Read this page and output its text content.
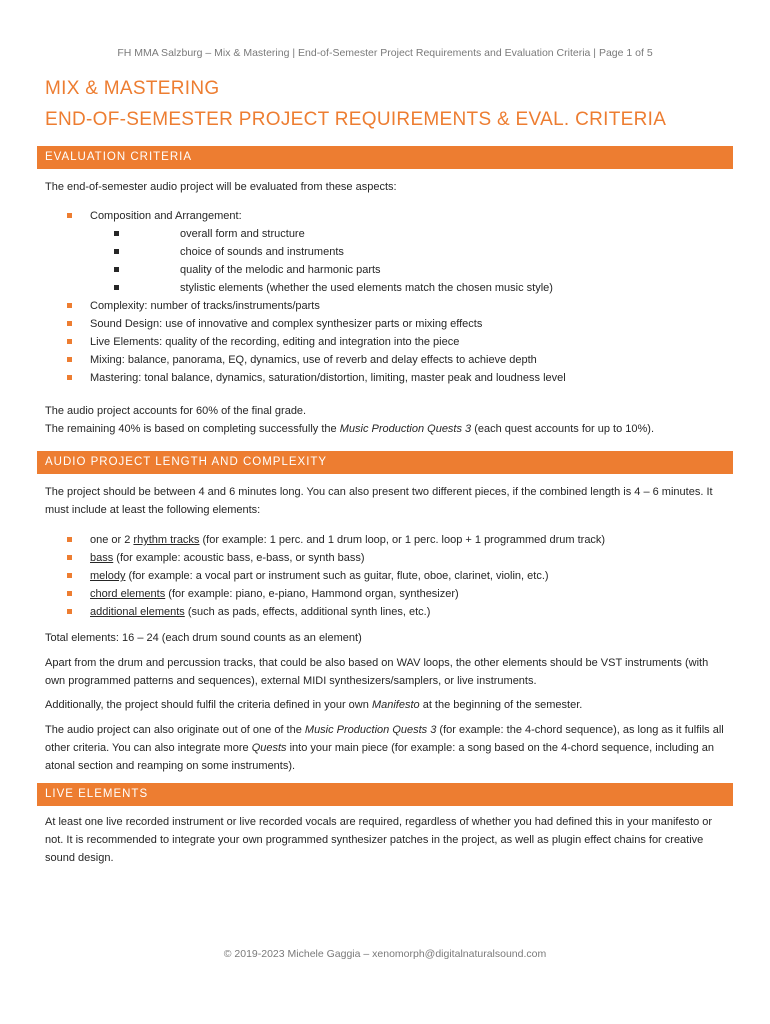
FH MMA Salzburg – Mix & Mastering | End-of-Semester Project Requirements and Evaluation Criteria | Page 1 of 5
MIX & MASTERING
END-OF-SEMESTER PROJECT REQUIREMENTS & EVAL. CRITERIA
EVALUATION CRITERIA

The end-of-semester audio project will be evaluated from these aspects:

Composition and Arrangement:
overall form and structure
choice of sounds and instruments
quality of the melodic and harmonic parts
stylistic elements (whether the used elements match the chosen music style)
Complexity: number of tracks/instruments/parts
Sound Design: use of innovative and complex synthesizer parts or mixing effects
Live Elements: quality of the recording, editing and integration into the piece
Mixing: balance, panorama, EQ, dynamics, use of reverb and delay effects to achieve depth
Mastering: tonal balance, dynamics, saturation/distortion, limiting, master peak and loudness level

The audio project accounts for 60% of the final grade.

The remaining 40% is based on completing successfully the Music Production Quests 3 (each quest accounts for up to 10%).

AUDIO PROJECT LENGTH AND COMPLEXITY

The project should be between 4 and 6 minutes long. You can also present two different pieces, if the combined length is 4 – 6 minutes. It must include at least the following elements:

one or 2 rhythm tracks (for example: 1 perc. and 1 drum loop, or 1 perc. loop + 1 programmed drum track)
bass (for example: acoustic bass, e-bass, or synth bass)
melody (for example: a vocal part or instrument such as guitar, flute, oboe, clarinet, violin, etc.)
chord elements (for example: piano, e-piano, Hammond organ, synthesizer)
additional elements (such as pads, effects, additional synth lines, etc.)

Total elements: 16 – 24 (each drum sound counts as an element)

Apart from the drum and percussion tracks, that could be also based on WAV loops, the other elements should be VST instruments (with own programmed patterns and sequences), external MIDI synthesizers/samplers, or live instruments.

Additionally, the project should fulfil the criteria defined in your own Manifesto at the beginning of the semester.

The audio project can also originate out of one of the Music Production Quests 3 (for example: the 4-chord sequence), as long as it fulfils all other criteria. You can also integrate more Quests into your main piece (for example: a song based on the 4-chord sequence, including an atonal section and reamping on some instruments).

LIVE ELEMENTS

At least one live recorded instrument or live recorded vocals are required, regardless of whether you had defined this in your manifesto or not. It is recommended to integrate your own programmed synthesizer patches in the project, as well as plugin effect chains for creative sound design.

© 2019-2023 Michele Gaggia – xenomorph@digitalnaturalsound.com
